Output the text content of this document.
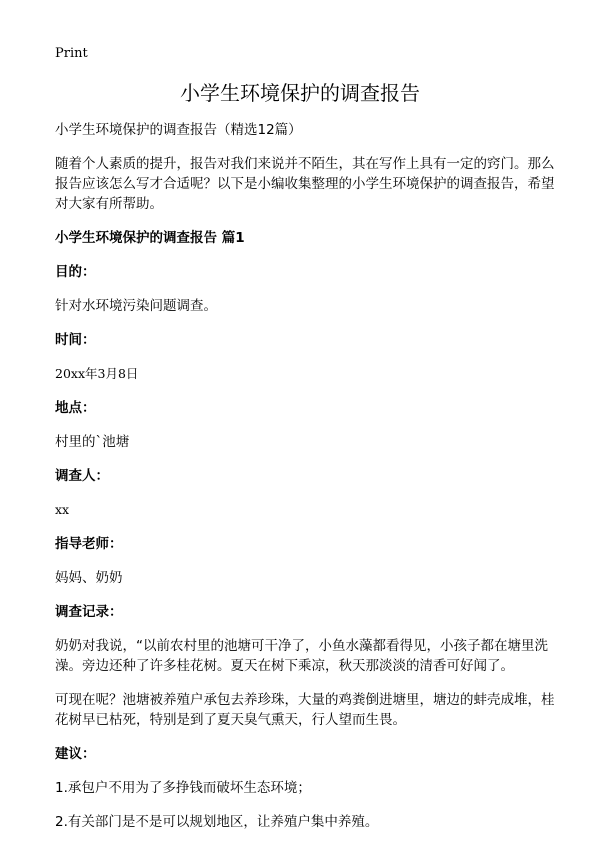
Print
小学生环境保护的调查报告

小学生环境保护的调查报告（精选12篇）

随着个人素质的提升，报告对我们来说并不陌生，其在写作上具有一定的窍门。那么报告应该怎么写才合适呢？以下是小编收集整理的小学生环境保护的调查报告，希望对大家有所帮助。

小学生环境保护的调查报告 篇1

目的：

针对水环境污染问题调查。

时间：

20xx年3月8日

地点：

村里的`池塘

调查人：

xx

指导老师：

妈妈、奶奶

调查记录：

奶奶对我说，“以前农村里的池塘可干净了，小鱼水藻都看得见，小孩子都在塘里洗澡。旁边还种了许多桂花树。夏天在树下乘凉，秋天那淡淡的清香可好闻了。

可现在呢？池塘被养殖户承包去养珍珠，大量的鸡粪倒进塘里，塘边的蚌壳成堆，桂花树早已枯死，特别是到了夏天臭气熏天，行人望而生畏。

建议：

1.承包户不用为了多挣钱而破坏生态环境；

2.有关部门是不是可以规划地区，让养殖户集中养殖。
